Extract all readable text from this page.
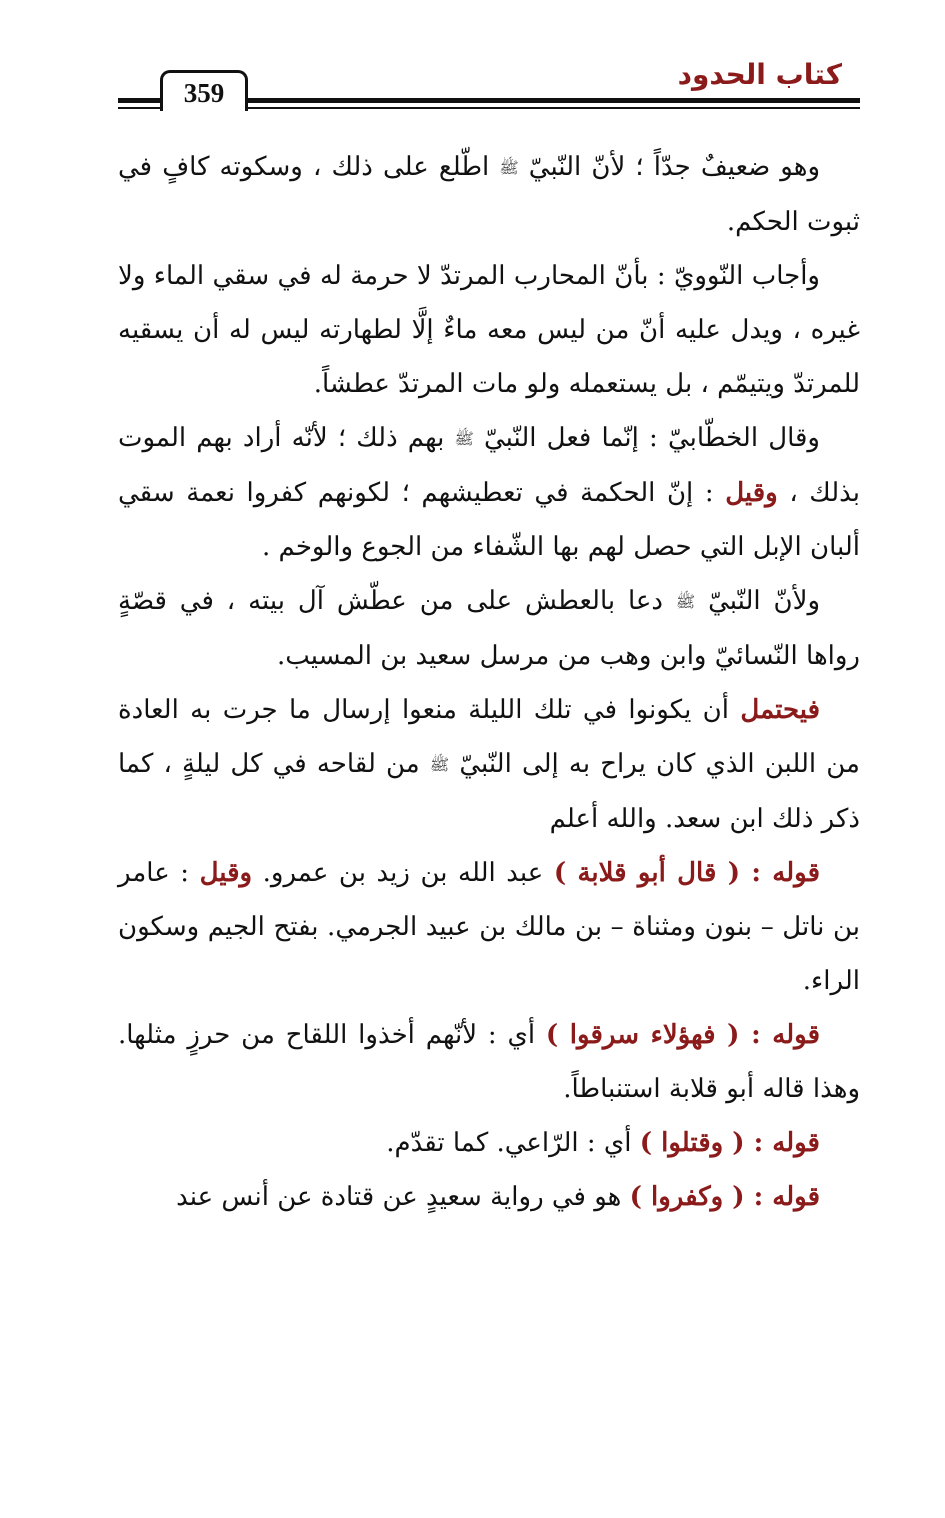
كتاب الحدود
359

وهو ضعيفٌ جدّاً ؛ لأنّ النّبيّ ﷺ اطّلع على ذلك ، وسكوته كافٍ في ثبوت الحكم.

وأجاب النّوويّ : بأنّ المحارب المرتدّ لا حرمة له في سقي الماء ولا غيره ، ويدل عليه أنّ من ليس معه ماءٌ إلَّا لطهارته ليس له أن يسقيه للمرتدّ ويتيمّم ، بل يستعمله ولو مات المرتدّ عطشاً.

وقال الخطّابيّ : إنّما فعل النّبيّ ﷺ بهم ذلك ؛ لأنّه أراد بهم الموت بذلك ، وقيل : إنّ الحكمة في تعطيشهم ؛ لكونهم كفروا نعمة سقي ألبان الإبل التي حصل لهم بها الشّفاء من الجوع والوخم .

ولأنّ النّبيّ ﷺ دعا بالعطش على من عطّش آل بيته ، في قصّةٍ رواها النّسائيّ وابن وهب من مرسل سعيد بن المسيب.

فيحتمل أن يكونوا في تلك الليلة منعوا إرسال ما جرت به العادة من اللبن الذي كان يراح به إلى النّبيّ ﷺ من لقاحه في كل ليلةٍ ، كما ذكر ذلك ابن سعد. والله أعلم

قوله : ( قال أبو قلابة ) عبد الله بن زيد بن عمرو. وقيل : عامر بن ناتل – بنون ومثناة – بن مالك بن عبيد الجرمي. بفتح الجيم وسكون الراء.

قوله : ( فهؤلاء سرقوا ) أي : لأنّهم أخذوا اللقاح من حرزٍ مثلها. وهذا قاله أبو قلابة استنباطاً.

قوله : ( وقتلوا ) أي : الرّاعي. كما تقدّم.

قوله : ( وكفروا ) هو في رواية سعيدٍ عن قتادة عن أنس عند
